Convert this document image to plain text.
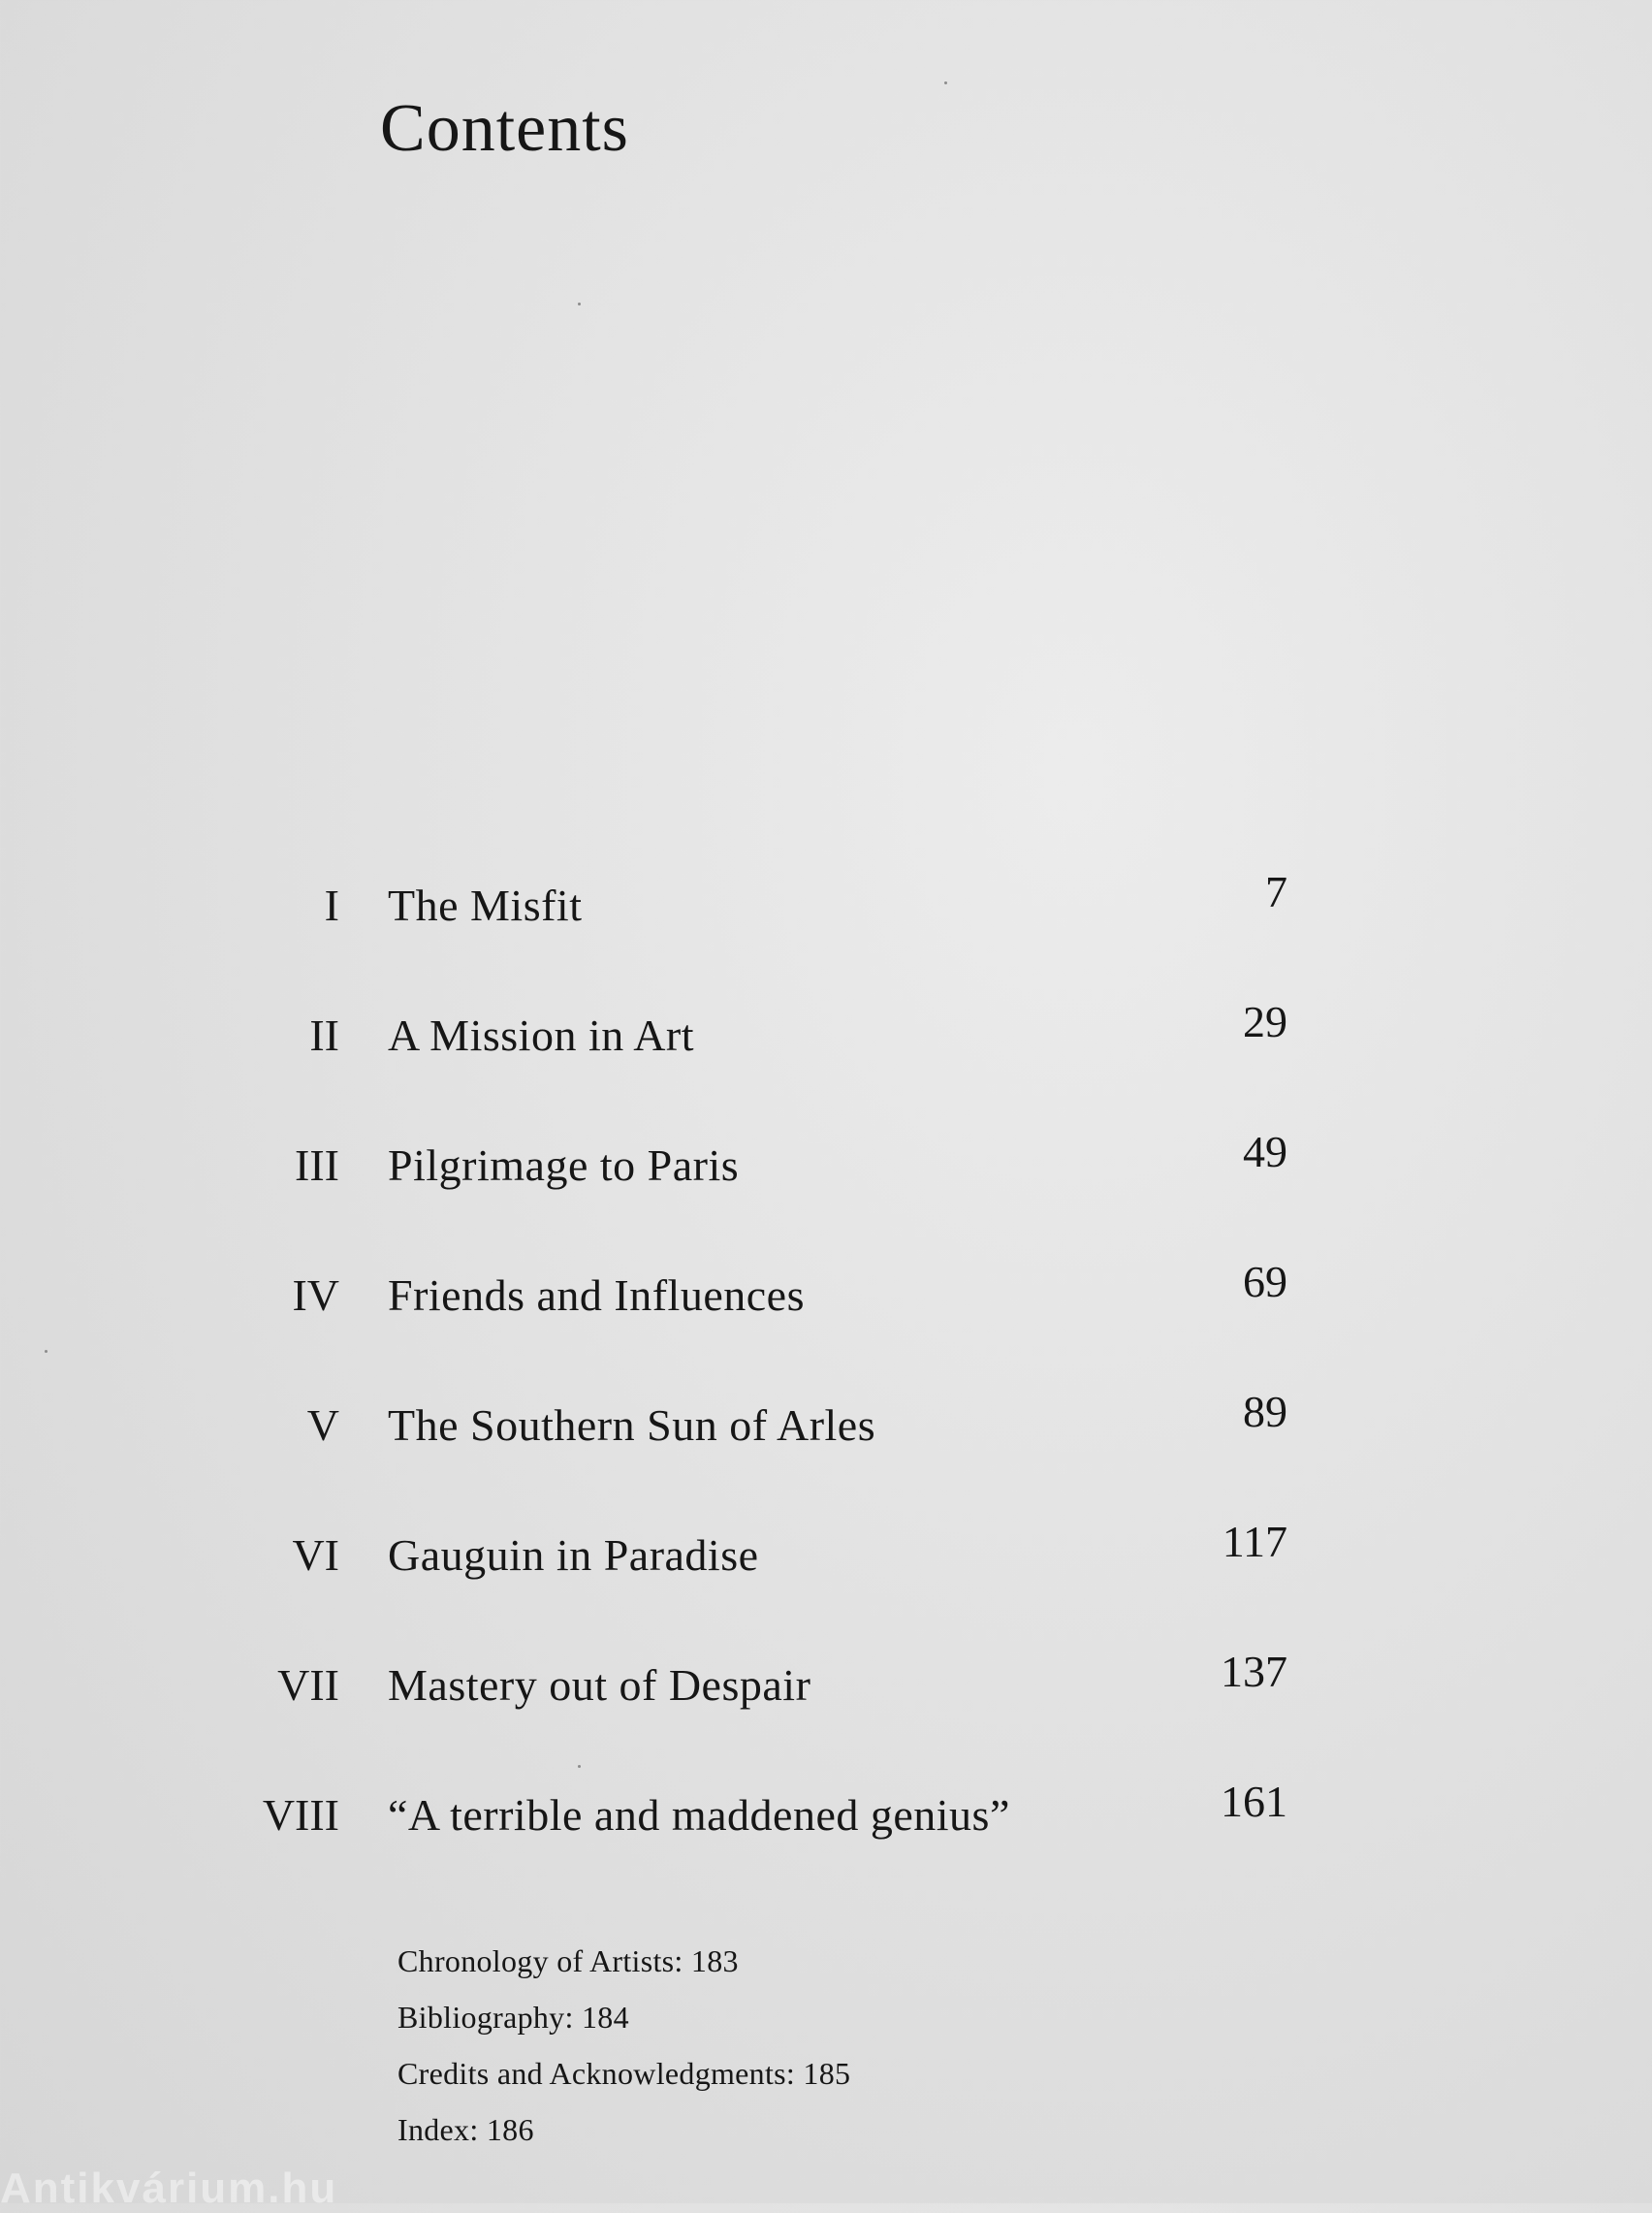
Contents
I The Misfit	7
II A Mission in Art	29
III Pilgrimage to Paris	49
IV Friends and Influences	69
V The Southern Sun of Arles	89
VI Gauguin in Paradise	117
VII Mastery out of Despair	137
VIII “A terrible and maddened genius”	161
Chronology of Artists: 183
Bibliography: 184
Credits and Acknowledgments: 185
Index: 186
Antikvárium.hu
